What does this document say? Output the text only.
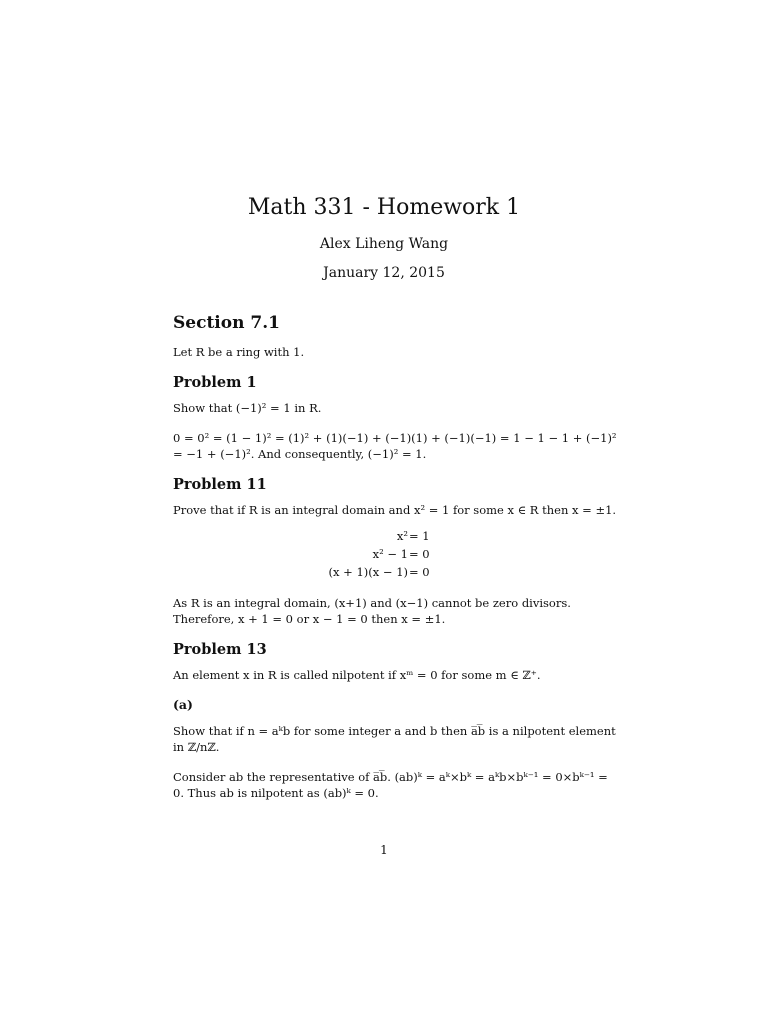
Math 331 - Homework 1
Alex Liheng Wang
January 12, 2015
Section 7.1
Let R be a ring with 1.
Problem 1
Show that (−1)² = 1 in R.
0 = 0² = (1 − 1)² = (1)² + (1)(−1) + (−1)(1) + (−1)(−1) = 1 − 1 − 1 + (−1)² = −1 + (−1)². And consequently, (−1)² = 1.
Problem 11
Prove that if R is an integral domain and x² = 1 for some x ∈ R then x = ±1.
x² = 1
x² − 1 = 0
(x + 1)(x − 1) = 0
As R is an integral domain, (x+1) and (x−1) cannot be zero divisors. Therefore, x + 1 = 0 or x − 1 = 0 then x = ±1.
Problem 13
An element x in R is called nilpotent if xᵐ = 0 for some m ∈ ℤ⁺.
(a)
Show that if n = aᵏb for some integer a and b then a̅b̅ is a nilpotent element in ℤ/nℤ.
Consider ab the representative of a̅b̅. (ab)ᵏ = aᵏ×bᵏ = aᵏb×bᵏ⁻¹ = 0×bᵏ⁻¹ = 0. Thus ab is nilpotent as (ab)ᵏ = 0.
1
